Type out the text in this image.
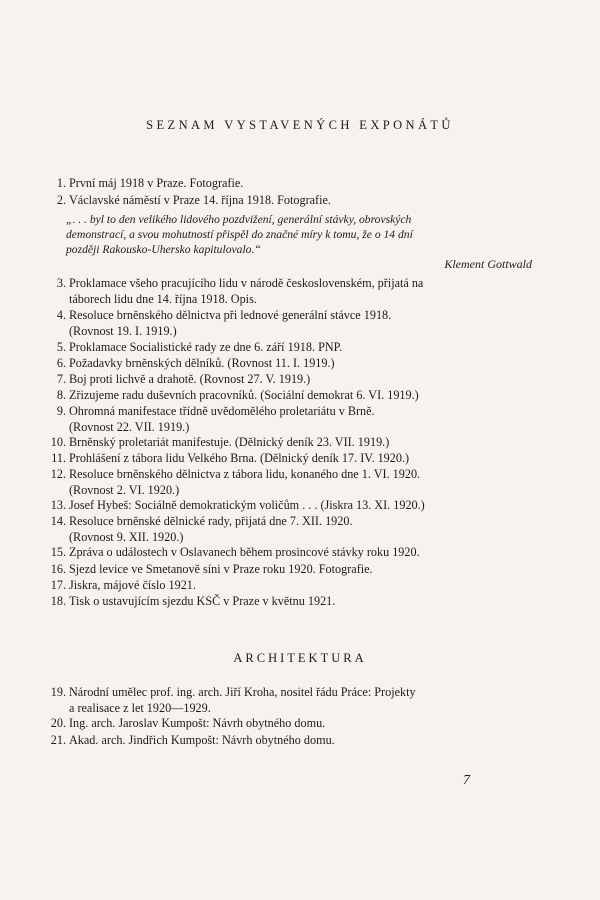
SEZNAM VYSTAVENÝCH EXPONÁTŮ
1. První máj 1918 v Praze. Fotografie.
2. Václavské náměstí v Praze 14. října 1918. Fotografie.
3. Proklamace všeho pracujícího lidu v národě československém, přijatá na
táborech lidu dne 14. října 1918. Opis.
4. Resoluce brněnského dělnictva při lednové generální stávce 1918.
(Rovnost 19. I. 1919.)
5. Proklamace Socialistické rady ze dne 6. září 1918. PNP.
6. Požadavky brněnských dělníků. (Rovnost 11. I. 1919.)
7. Boj proti lichvě a drahotě. (Rovnost 27. V. 1919.)
8. Zřizujeme radu duševních pracovníků. (Sociální demokrat 6. VI. 1919.)
9. Ohromná manifestace třídně uvědomělého proletariátu v Brně.
(Rovnost 22. VII. 1919.)
10. Brněnský proletariát manifestuje. (Dělnický deník 23. VII. 1919.)
11. Prohlášení z tábora lidu Velkého Brna. (Dělnický deník 17. IV. 1920.)
12. Resoluce brněnského dělnictva z tábora lidu, konaného dne 1. VI. 1920.
(Rovnost 2. VI. 1920.)
13. Josef Hybeš: Sociálně demokratickým voličům . . . (Jiskra 13. XI. 1920.)
14. Resoluce brněnské dělnické rady, přijatá dne 7. XII. 1920.
(Rovnost 9. XII. 1920.)
15. Zpráva o událostech v Oslavanech během prosincové stávky roku 1920.
16. Sjezd levice ve Smetanově síni v Praze roku 1920. Fotografie.
17. Jiskra, májové číslo 1921.
18. Tisk o ustavujícím sjezdu KSČ v Praze v květnu 1921.
„. . . byl to den velikého lidového pozdvižení, generální stávky, obrovských
demonstrací, a svou mohutností přispěl do značné míry k tomu, že o 14 dní
později Rakousko-Uhersko kapitulovalo.“
Klement Gottwald
ARCHITEKTURA
19. Národní umělec prof. ing. arch. Jiří Kroha, nositel řádu Práce: Projekty
a realisace z let 1920—1929.
20. Ing. arch. Jaroslav Kumpošt: Návrh obytného domu.
21. Akad. arch. Jindřich Kumpošt: Návrh obytného domu.
7
